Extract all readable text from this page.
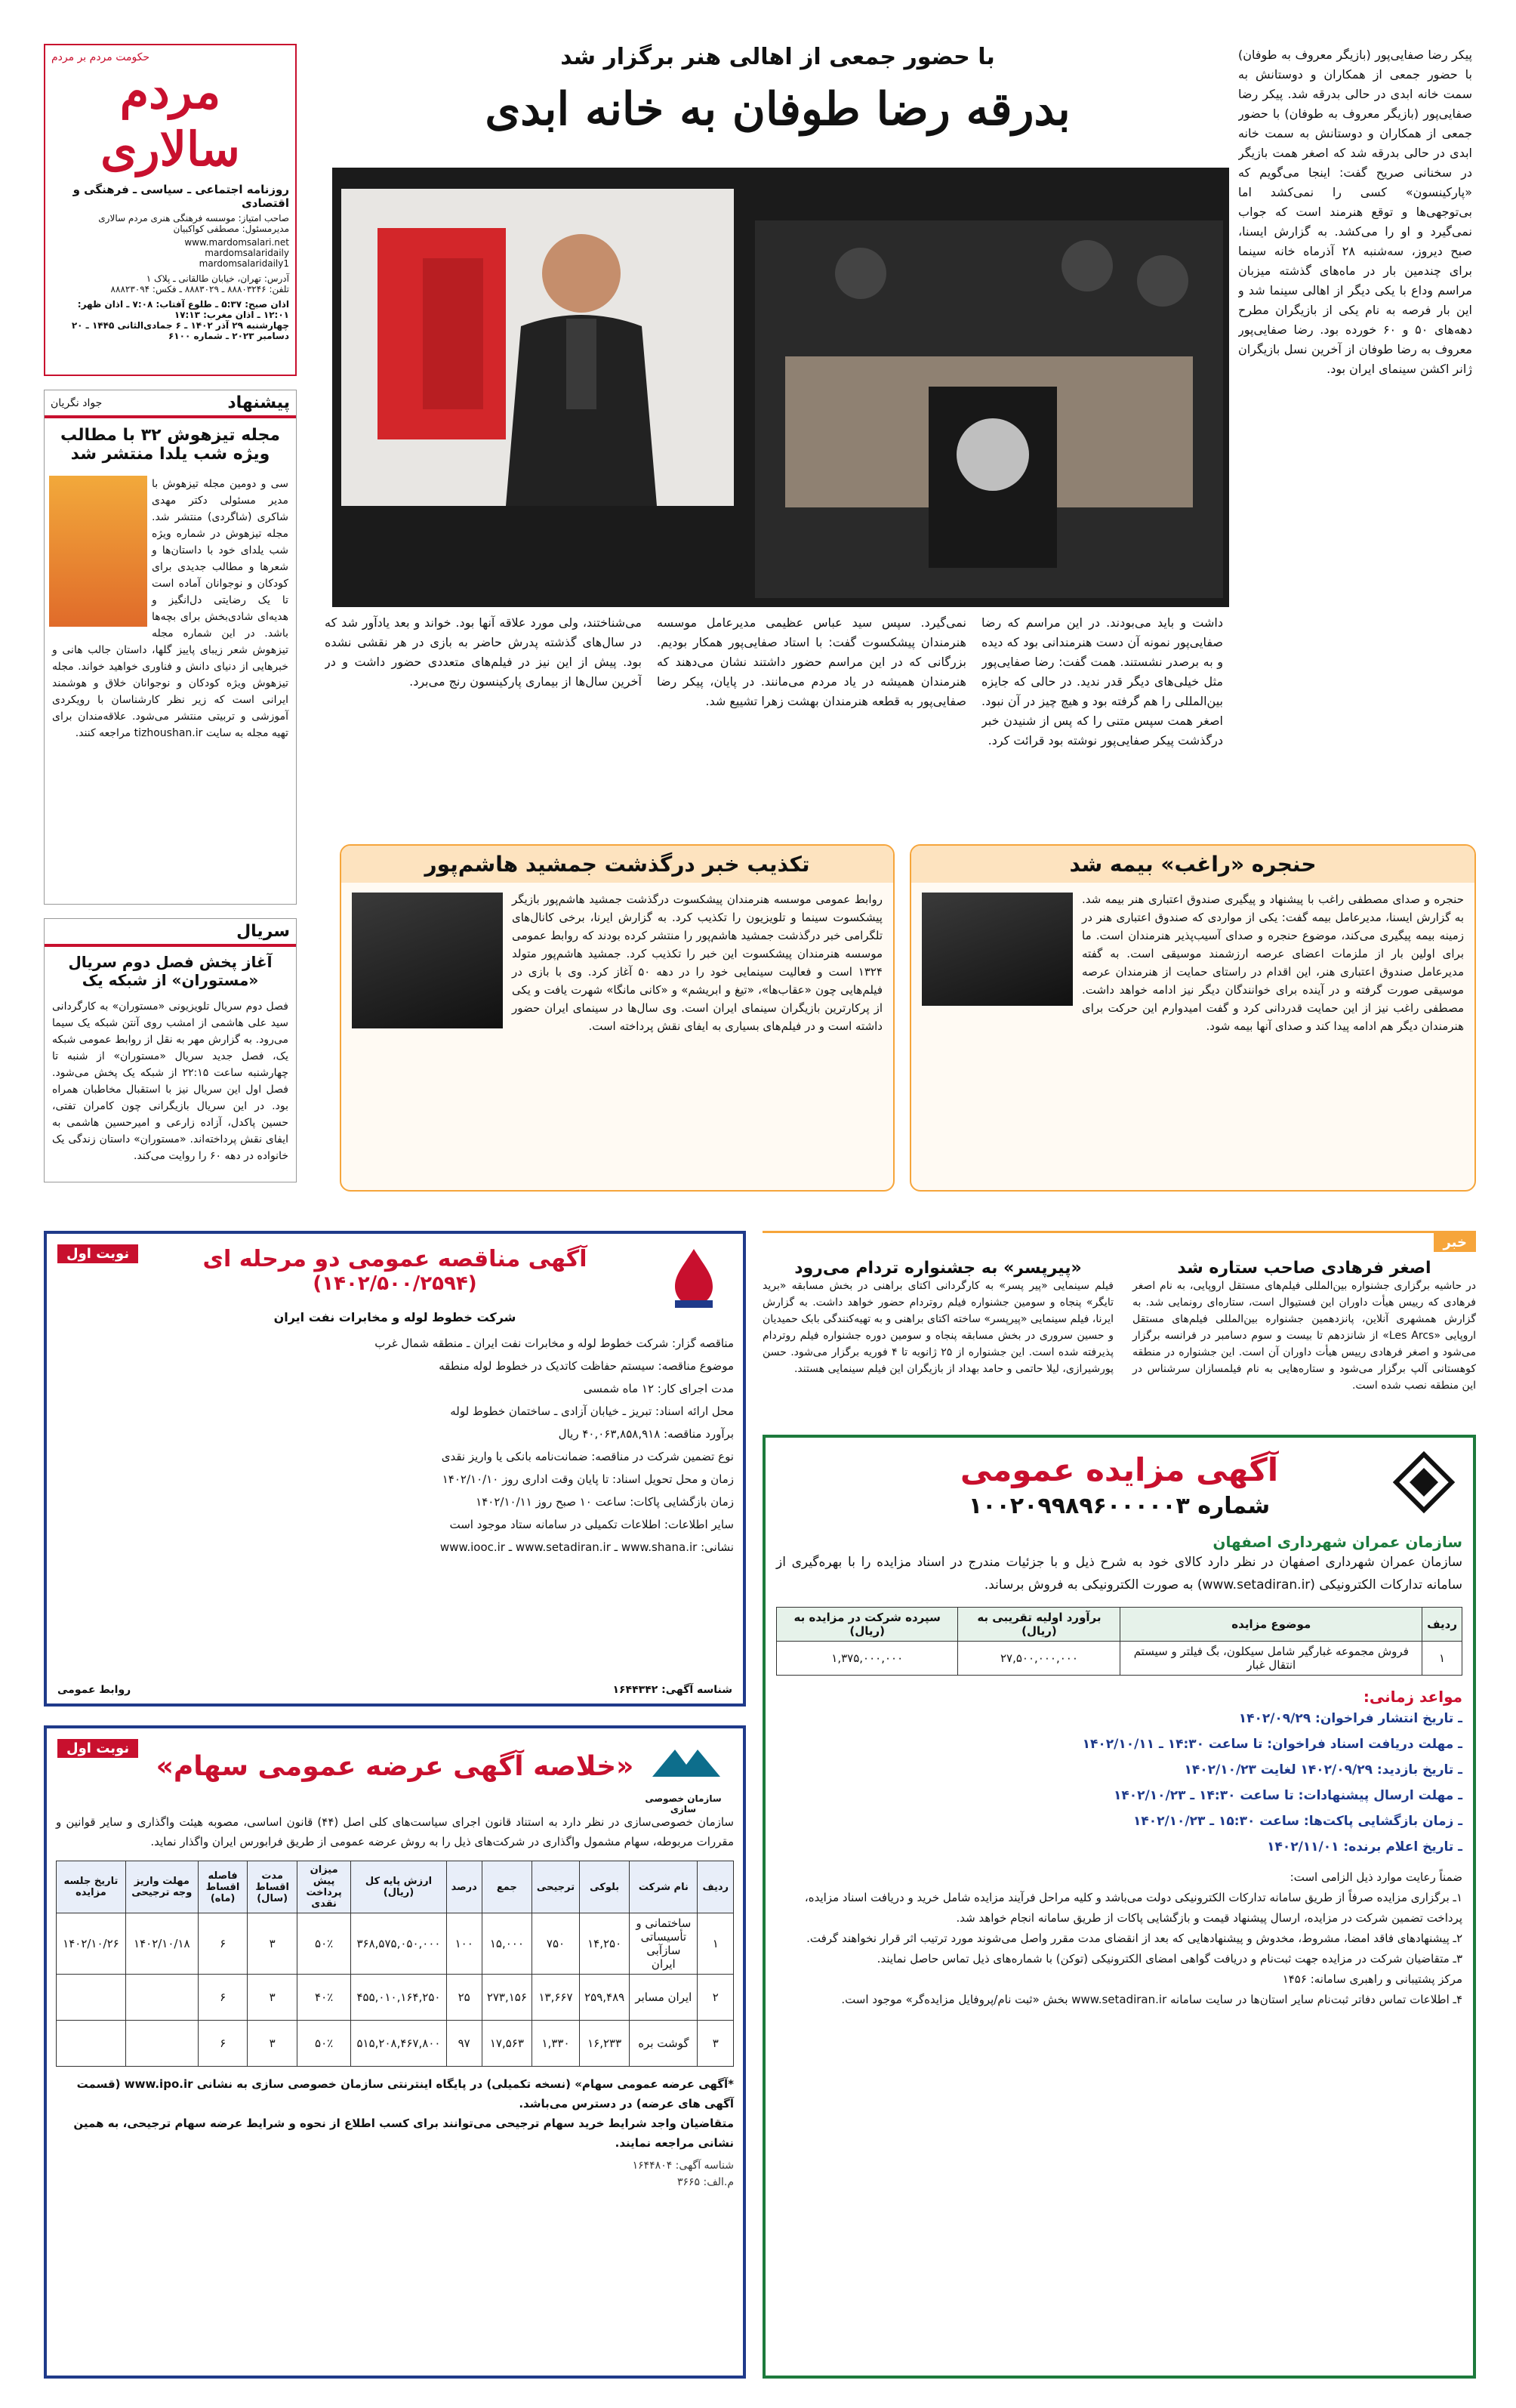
حکومت مردم بر مردم
مردم سالاری
روزنامه اجتماعی ـ سیاسی ـ فرهنگی و اقتصادی
صاحب امتیاز: موسسه فرهنگی هنری مردم سالاری
مدیرمسئول: مصطفی کواکبیان
www.mardomsalari.net
mardomsalaridaily
mardomsalaridaily1
آدرس: تهران، خیابان طالقانی ـ پلاک ۱
تلفن: ۸۸۸۰۳۲۴۶ ـ ۸۸۸۳۰۲۹ ـ فکس: ۸۸۸۲۳۰۹۴
اذان صبح: ۵:۳۷ ـ طلوع آفتاب: ۷:۰۸ ـ اذان ظهر: ۱۲:۰۱ ـ اذان مغرب: ۱۷:۱۳
چهارشنبه ۲۹ آذر ۱۴۰۲ ـ ۶ جمادی‌الثانی ۱۴۴۵ ـ ۲۰ دسامبر ۲۰۲۳ ـ شماره ۶۱۰۰
با حضور جمعی از اهالی هنر برگزار شد
بدرقه رضا طوفان به خانه ابدی
پیکر رضا صفایی‌پور (بازیگر معروف به طوفان) با حضور جمعی از همکاران و دوستانش به سمت خانه ابدی در حالی بدرقه شد. پیکر رضا صفایی‌پور (بازیگر معروف به طوفان) با حضور جمعی از همکاران و دوستانش به سمت خانه ابدی در حالی بدرقه شد که اصغر همت بازیگر در سخنانی صریح گفت: اینجا می‌گویم که «پارکینسون» کسی را نمی‌کشد اما بی‌توجهی‌ها و توقع هنرمند است که جواب نمی‌گیرد و او را می‌کشد. به گزارش ایسنا، صبح دیروز، سه‌شنبه ۲۸ آذرماه خانه سینما برای چندمین بار در ماه‌های گذشته میزبان مراسم وداع با یکی دیگر از اهالی سینما شد و این بار فرصه به نام یکی از بازیگران مطرح دهه‌های ۵۰ و ۶۰ خورده بود. رضا صفایی‌پور معروف به رضا طوفان از آخرین نسل بازیگران ژانر اکشن سینمای ایران بود.
داشت و باید می‌بودند. در این مراسم که رضا صفایی‌پور نمونه آن دست هنرمندانی بود که دیده و به برصدر نشستند. همت گفت: رضا صفایی‌پور مثل خیلی‌های دیگر قدر ندید. در حالی که جایزه بین‌المللی را هم گرفته بود و هیچ چیز در آن نبود. اصغر همت سپس متنی را که پس از شنیدن خبر درگذشت پیکر صفایی‌پور نوشته بود قرائت کرد.
نمی‌گیرد. سپس سید عباس عظیمی مدیرعامل موسسه هنرمندان پیشکسوت گفت: با استاد صفایی‌پور همکار بودیم. بزرگانی که در این مراسم حضور داشتند نشان می‌دهند که هنرمندان همیشه در یاد مردم می‌مانند. در پایان، پیکر رضا صفایی‌پور به قطعه هنرمندان بهشت زهرا تشییع شد.
می‌شناختند، ولی مورد علاقه آنها بود. خواند و بعد یادآور شد که در سال‌های گذشته پدرش حاضر به بازی در هر نقشی نشده بود. پیش از این نیز در فیلم‌های متعددی حضور داشت و در آخرین سال‌ها از بیماری پارکینسون رنج می‌برد.
پیشنهاد
جواد نگریان
مجله تیزهوش ۳۲ با مطالب ویژه شب یلدا منتشر شد
سی و دومین مجله تیزهوش با مدیر مسئولی دکتر مهدی شاکری (شاگردی) منتشر شد. مجله تیزهوش در شماره ویژه شب یلدای خود با داستان‌ها و شعرها و مطالب جدیدی برای کودکان و نوجوانان آماده است تا یک رضایتی دل‌انگیز و هدیه‌ای شادی‌بخش برای بچه‌ها باشد. در این شماره مجله تیزهوش شعر زیبای پاییز گلها، داستان جالب هانی و خبرهایی از دنیای دانش و فناوری خواهید خواند. مجله تیزهوش ویژه کودکان و نوجوانان خلاق و هوشمند ایرانی است که زیر نظر کارشناسان با رویکردی آموزشی و تربیتی منتشر می‌شود. علاقه‌مندان برای تهیه مجله به سایت tizhoushan.ir مراجعه کنند.
سریال
آغاز پخش فصل دوم سریال «مستوران» از شبکه یک
فصل دوم سریال تلویزیونی «مستوران» به کارگردانی سید علی هاشمی از امشب روی آنتن شبکه یک سیما می‌رود. به گزارش مهر به نقل از روابط عمومی شبکه یک، فصل جدید سریال «مستوران» از شنبه تا چهارشنبه ساعت ۲۲:۱۵ از شبکه یک پخش می‌شود. فصل اول این سریال نیز با استقبال مخاطبان همراه بود. در این سریال بازیگرانی چون کامران تفتی، حسین پاکدل، آزاده زارعی و امیرحسین هاشمی به ایفای نقش پرداخته‌اند. «مستوران» داستان زندگی یک خانواده در دهه ۶۰ را روایت می‌کند.
حنجره «راغب» بیمه شد
حنجره و صدای مصطفی راغب با پیشنهاد و پیگیری صندوق اعتباری هنر بیمه شد. به گزارش ایسنا، مدیرعامل بیمه گفت: یکی از مواردی که صندوق اعتباری هنر در زمینه بیمه پیگیری می‌کند، موضوع حنجره و صدای آسیب‌پذیر هنرمندان است. ما برای اولین بار از ملزمات اعضای عرصه ارزشمند موسیقی است. به گفته مدیرعامل صندوق اعتباری هنر، این اقدام در راستای حمایت از هنرمندان عرصه موسیقی صورت گرفته و در آینده برای خوانندگان دیگر نیز ادامه خواهد داشت. مصطفی راغب نیز از این حمایت قدردانی کرد و گفت امیدوارم این حرکت برای هنرمندان دیگر هم ادامه پیدا کند و صدای آنها بیمه شود.
تکذیب خبر درگذشت جمشید هاشم‌پور
روابط عمومی موسسه هنرمندان پیشکسوت درگذشت جمشید هاشم‌پور بازیگر پیشکسوت سینما و تلویزیون را تکذیب کرد. به گزارش ایرنا، برخی کانال‌های تلگرامی خبر درگذشت جمشید هاشم‌پور را منتشر کرده بودند که روابط عمومی موسسه هنرمندان پیشکسوت این خبر را تکذیب کرد. جمشید هاشم‌پور متولد ۱۳۲۴ است و فعالیت سینمایی خود را در دهه ۵۰ آغاز کرد. وی با بازی در فیلم‌هایی چون «عقاب‌ها»، «تیغ و ابریشم» و «کانی مانگا» شهرت یافت و یکی از پرکارترین بازیگران سینمای ایران است. وی سال‌ها در سینمای ایران حضور داشته است و در فیلم‌های بسیاری به ایفای نقش پرداخته است.
خبر
اصغر فرهادی صاحب ستاره شد
در حاشیه برگزاری جشنواره بین‌المللی فیلم‌های مستقل اروپایی، به نام اصغر فرهادی که رییس هیأت داوران این فستیوال است، ستاره‌ای رونمایی شد. به گزارش همشهری آنلاین، پانزدهمین جشنواره بین‌المللی فیلم‌های مستقل اروپایی «Les Arcs» از شانزدهم تا بیست و سوم دسامبر در فرانسه برگزار می‌شود و اصغر فرهادی رییس هیأت داوران آن است. این جشنواره در منطقه کوهستانی آلپ برگزار می‌شود و ستاره‌هایی به نام فیلمسازان سرشناس در این منطقه نصب شده است.
«پیرپسر» به جشنواره تردام می‌رود
فیلم سینمایی «پیر پسر» به کارگردانی اکتای براهنی در بخش مسابقه «برید تایگر» پنجاه و سومین جشنواره فیلم روتردام حضور خواهد داشت. به گزارش ایرنا، فیلم سینمایی «پیرپسر» ساخته اکتای براهنی و به تهیه‌کنندگی بابک حمیدیان و حسین سروری در بخش مسابقه پنجاه و سومین دوره جشنواره فیلم روتردام پذیرفته شده است. این جشنواره از ۲۵ ژانویه تا ۴ فوریه برگزار می‌شود. حسن پورشیرازی، لیلا حاتمی و حامد بهداد از بازیگران این فیلم سینمایی هستند.
نوبت اول	آگهی مناقصه عمومی دو مرحله ای
(۱۴۰۲/۵۰۰/۲۵۹۴)
شرکت خطوط لوله و مخابرات نفت ایران
مناقصه گزار: شرکت خطوط لوله و مخابرات نفت ایران ـ منطقه شمال غرب
موضوع مناقصه: سیستم حفاظت کاتدیک در خطوط لوله منطقه
مدت اجرای کار: ۱۲ ماه شمسی
محل ارائه اسناد: تبریز ـ خیابان آزادی ـ ساختمان خطوط لوله
برآورد مناقصه: ۴۰,۰۶۳,۸۵۸,۹۱۸ ریال
نوع تضمین شرکت در مناقصه: ضمانت‌نامه بانکی یا واریز نقدی
زمان و محل تحویل اسناد: تا پایان وقت اداری روز ۱۴۰۲/۱۰/۱۰
زمان بازگشایی پاکات: ساعت ۱۰ صبح روز ۱۴۰۲/۱۰/۱۱
سایر اطلاعات: اطلاعات تکمیلی در سامانه ستاد موجود است
نشانی: www.shana.ir ـ www.setadiran.ir ـ www.iooc.ir
شناسه آگهی: ۱۶۴۴۳۴۲
روابط عمومی
آگهی مزایده عمومی
شماره ۱۰۰۲۰۹۹۸۹۶۰۰۰۰۰۳
سازمان عمران شهرداری اصفهان
سازمان عمران شهرداری اصفهان در نظر دارد کالای خود به شرح ذیل و با جزئیات مندرج در اسناد مزایده را با بهره‌گیری از سامانه تدارکات الکترونیکی (www.setadiran.ir) به صورت الکترونیکی به فروش برساند.
ردیف	موضوع مزایده	برآورد اولیه تقریبی به (ریال)	سپرده شرکت در مزایده به (ریال)
۱	فروش مجموعه غبارگیر شامل سیکلون، بگ فیلتر و سیستم انتقال غبار	۲۷,۵۰۰,۰۰۰,۰۰۰	۱,۳۷۵,۰۰۰,۰۰۰
مواعد زمانی:
ـ تاریخ انتشار فراخوان: ۱۴۰۲/۰۹/۲۹
ـ مهلت دریافت اسناد فراخوان: تا ساعت ۱۴:۳۰ ـ ۱۴۰۲/۱۰/۱۱
ـ تاریخ بازدید: ۱۴۰۲/۰۹/۲۹ لغایت ۱۴۰۲/۱۰/۲۳
ـ مهلت ارسال پیشنهادات: تا ساعت ۱۴:۳۰ ـ ۱۴۰۲/۱۰/۲۳
ـ زمان بازگشایی پاکت‌ها: ساعت ۱۵:۳۰ ـ ۱۴۰۲/۱۰/۲۳
ـ تاریخ اعلام برنده: ۱۴۰۲/۱۱/۰۱
ضمناً رعایت موارد ذیل الزامی است:
۱ـ برگزاری مزایده صرفاً از طریق سامانه تدارکات الکترونیکی دولت می‌باشد و کلیه مراحل فرآیند مزایده شامل خرید و دریافت اسناد مزایده، پرداخت تضمین شرکت در مزایده، ارسال پیشنهاد قیمت و بازگشایی پاکات از طریق سامانه انجام خواهد شد.
۲ـ پیشنهادهای فاقد امضا، مشروط، مخدوش و پیشنهادهایی که بعد از انقضای مدت مقرر واصل می‌شوند مورد ترتیب اثر قرار نخواهند گرفت.
۳ـ متقاضیان شرکت در مزایده جهت ثبت‌نام و دریافت گواهی امضای الکترونیکی (توکن) با شماره‌های ذیل تماس حاصل نمایند.
مرکز پشتیبانی و راهبری سامانه: ۱۴۵۶
۴ـ اطلاعات تماس دفاتر ثبت‌نام سایر استان‌ها در سایت سامانه www.setadiran.ir بخش «ثبت نام/پروفایل مزایده‌گر» موجود است.
نوبت اول
سازمان خصوصی سازی
«خلاصه آگهی عرضه عمومی سهام»
سازمان خصوصی‌سازی در نظر دارد به استناد قانون اجرای سیاست‌های کلی اصل (۴۴) قانون اساسی، مصوبه هیئت واگذاری و سایر قوانین و مقررات مربوطه، سهام مشمول واگذاری در شرکت‌های ذیل را به روش عرضه عمومی از طریق فرابورس ایران واگذار نماید.
ردیف	نام شرکت	بلوکی	ترجیحی	جمع	درصد	ارزش پایه کل (ریال)	میزان پیش پرداخت نقدی	مدت اقساط (سال)	فاصله اقساط (ماه)	مهلت واریز وجه ترجیحی	تاریخ جلسه مزایده
۱	ساختمانی و تأسیساتی سازآبی ایران	۱۴,۲۵۰	۷۵۰	۱۵,۰۰۰	۱۰۰	۳۶۸,۵۷۵,۰۵۰,۰۰۰	۵۰٪	۳	۶	۱۴۰۲/۱۰/۱۸	۱۴۰۲/۱۰/۲۶
۲	ایران مسابر	۲۵۹,۴۸۹	۱۳,۶۶۷	۲۷۳,۱۵۶	۲۵	۴۵۵,۰۱۰,۱۶۴,۲۵۰	۴۰٪	۳	۶		
۳	گوشت بره	۱۶,۲۳۳	۱,۳۳۰	۱۷,۵۶۳	۹۷	۵۱۵,۲۰۸,۴۶۷,۸۰۰	۵۰٪	۳	۶		
*آگهی عرضه عمومی سهام» (نسخه تکمیلی) در پایگاه اینترنتی سازمان خصوصی سازی به نشانی www.ipo.ir (قسمت آگهی های عرضه) در دسترس می‌باشد.
متقاضیان واجد شرایط خرید سهام ترجیحی می‌توانند برای کسب اطلاع از نحوه و شرایط عرضه سهام ترجیحی، به همین نشانی مراجعه نمایند.
شناسه آگهی: ۱۶۴۴۸۰۴
م.الف: ۳۶۶۵
